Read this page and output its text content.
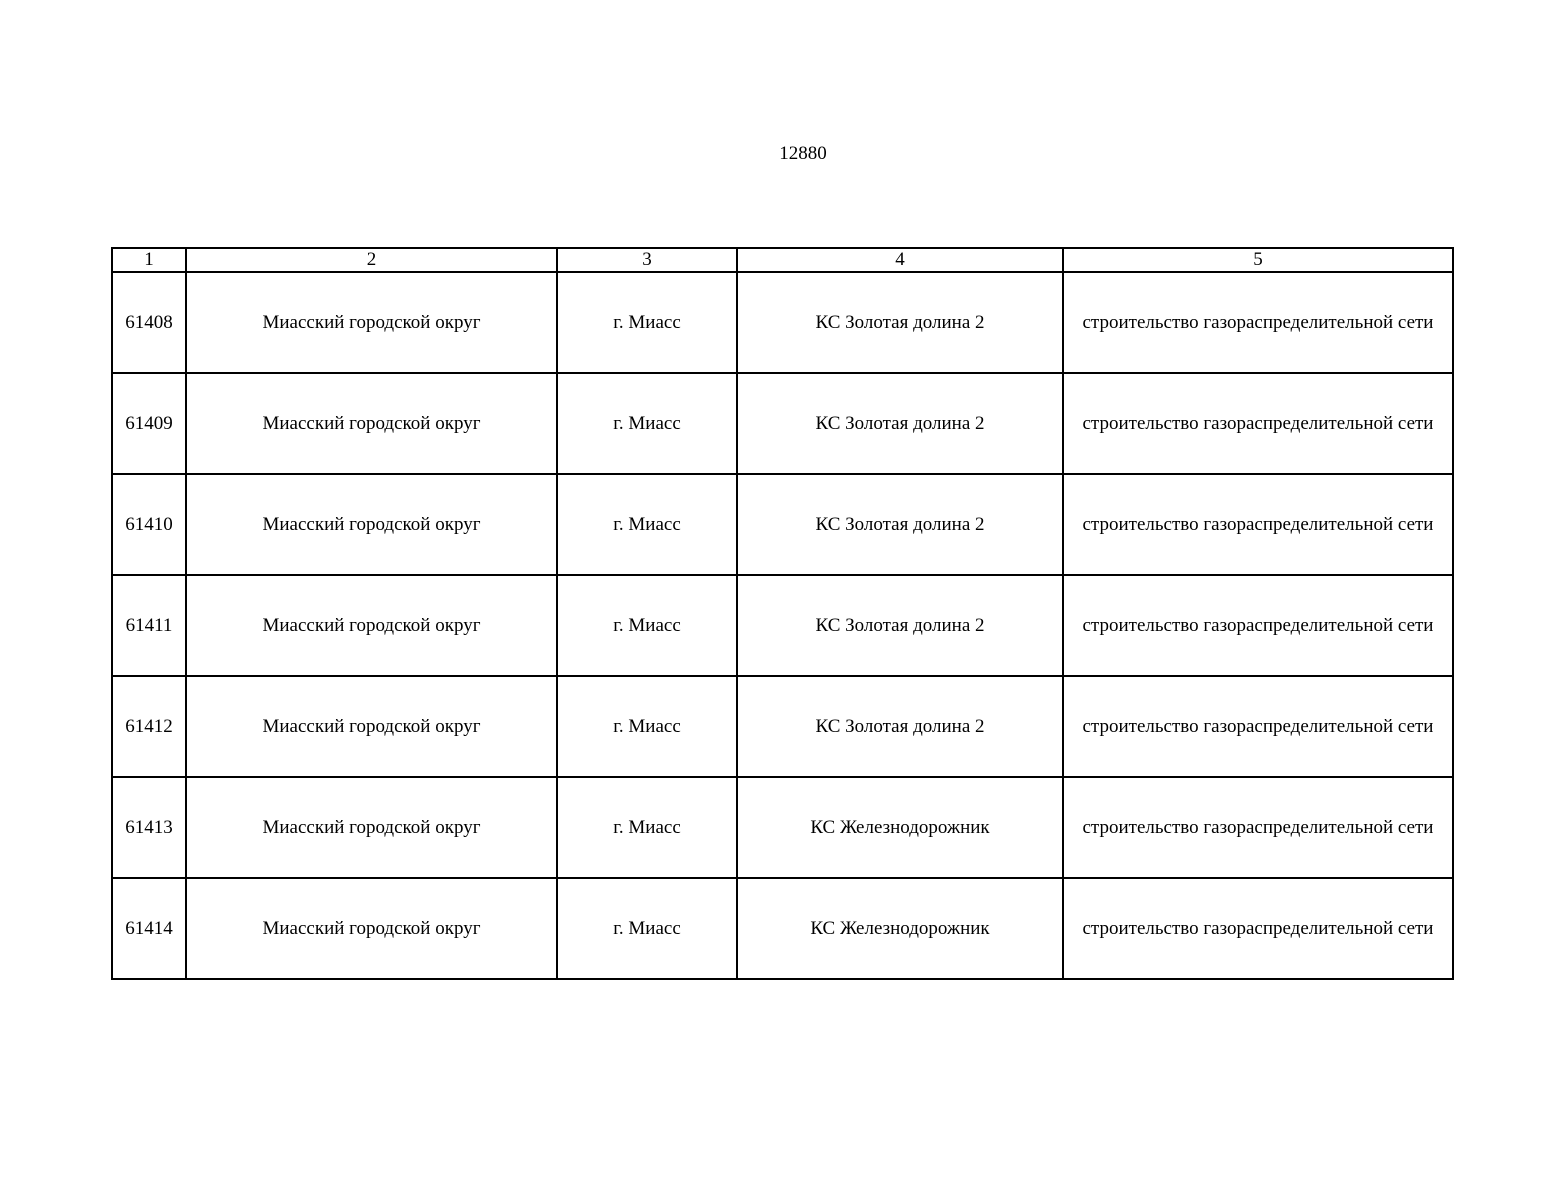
12880
1	2	3	4	5
61408	Миасский городской округ	г. Миасс	КС Золотая долина 2	строительство газораспределительной сети
61409	Миасский городской округ	г. Миасс	КС Золотая долина 2	строительство газораспределительной сети
61410	Миасский городской округ	г. Миасс	КС Золотая долина 2	строительство газораспределительной сети
61411	Миасский городской округ	г. Миасс	КС Золотая долина 2	строительство газораспределительной сети
61412	Миасский городской округ	г. Миасс	КС Золотая долина 2	строительство газораспределительной сети
61413	Миасский городской округ	г. Миасс	КС Железнодорожник	строительство газораспределительной сети
61414	Миасский городской округ	г. Миасс	КС Железнодорожник	строительство газораспределительной сети
